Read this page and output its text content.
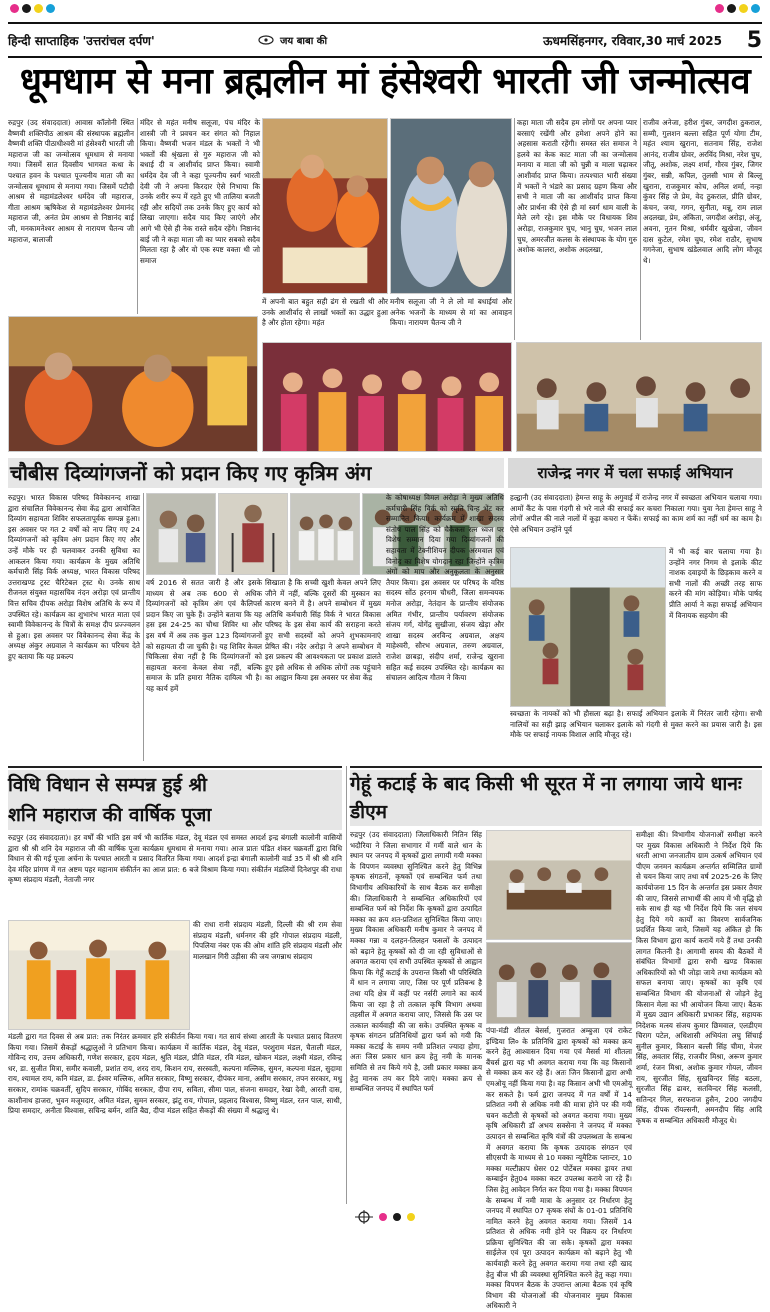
हिन्दी साप्ताहिक 'उत्तरांचल दर्पण'	जय बाबा की	ऊधमसिंहनगर, रविवार,30 मार्च 2025	5
धूमधाम से मना ब्रह्मलीन मां हंसेश्वरी भारती जी जन्मोत्सव
रुद्रपुर (उद संवाददाता) आवास कॉलोनी स्थित वैष्णवी शक्तिपीठ आश्रम की संस्थापक ब्रह्मलीन वैष्णवी शक्ति पीठाधीश्वरी मां हंसेश्वरी भारती जी महाराज जी का जन्मोत्सव धूमधाम से मनाया गया। जिसमें सात दिवसीय भागवत कथा के पश्चात हवन के पश्चात पूज्यनीय माता जी का जन्मोत्सव धूमधाम से मनाया गया। जिसमें पटौदी आश्रम से महामंडलेश्वर धर्मदेव जी महाराज, गीता आश्रम ऋषिकेश से महामंडलेश्वर प्रेमानंद महाराज जी, अनंत प्रेम आश्रम से निष्ठानंद बाई जी, मनकामनेश्वर आश्रम से नारायण चैतन्य जी महाराज, बालाजी
मंदिर से महंत मनीष सलूजा, पंच मंदिर के शास्त्री जी ने प्रवचन कर संगत को निहाल किया। वैष्णवी भजन मंडल के भक्तों ने भी भक्तों की श्रृंखला से गुरु महाराज जी को बधाई दी व आशीर्वाद प्राप्त किया। स्वामी धर्मदेव देव जी ने कहा पूज्यनीय स्वर्ग भारती देवी जी ने अपना किरदार ऐसे निभाया कि उनके शरीर रूप में रहते हुए भी तालिया बजती रही और सदियों तक उनके किए हुए कार्य को लिखा जाएगा। सदैव याद किए जाएंगे और आगे भी ऐसे ही नेक रास्ते सदैव रहेंगे। निष्ठानंद बाई जी ने कहा माता जी का प्यार सबको सदैव मिलता रहा है और वो एक स्पष्ट वक्ता थी जो समाज
में अपनी बात बहुत सही ढंग से रखती थी और उनके आशीर्वाद से लाखों भक्तों का उद्धार हुआ है और होता रहेगा। महंत
मनीष सलूजा जी ने ले लो मां बधाईयां और अनेक भजनों के माध्यम से मां का आवाहन किया। नारायण चैतन्य जी ने
कहा माता जी सदैव हम लोगों पर अपना प्यार बरसाएं रखेंगी और हमेशा अपने होने का अहसास कराती रहेंगी। समस्त संत समाज ने हलवे का केक काट माता जी का जन्मोत्सव मनाया व माता जी को चुन्नी व माला चढ़ाकर आशीर्वाद प्राप्त किया। तत्पश्चात भारी संख्या में भक्तों ने भंडारे का प्रसाद ग्रहण किया और सभी ने माता जी का आशीर्वाद प्राप्त किया और प्रार्थना की ऐसे ही मां स्वर्ग धाम वाली के मेले लगे रहे। इस मौके पर विधायक शिव अरोड़ा, राजकुमार चुघ, भानु चुघ, भजन लाल चुघ, अमरजीत कलस के संस्थापक के योग गुरु अशोक कालरा, अशोक अदलखा,
राजीव अनेजा, हरीश गुंबर, जगदीश ठुकराल, सम्मी, गुलशन बल्ला सहित पूर्ण योगा टीम, महंत श्याम खुराना, सतनाम सिंह, राजेश आनंद, राजीव ग्रोवर, अरविंद मिश्रा, नरेश चुघ, जीतू, अशोक, लक्ष्य शर्मा, गौरव गुंबर, जिगर गुंबर, सन्नी, कपिल, तुलसी भाम से बिल्लू खुराना, राजकुमार कोच, अनिल शर्मा, नन्हा कुंवर सिंह जे प्रेम, वेद ठुकराल, प्रीति ग्रोवर, कंचन, जया, गगन, सुनीता, मन्नू, राम लाल अदलखा, प्रेम, अंकिता, जगदीश अरोड़ा, अंजू, अवना, नूतन मिश्रा, धर्मवीर खुखेजा, जीवन दास कुटेल, रमेश चुघ, रमेश राठौर, सुभाष गगनेजा, सुभाष खंडेलवाल आदि लोग मौजूद थे।
चौबीस दिव्यांगजनों को प्रदान किए गए कृत्रिम अंग	राजेन्द्र नगर में चला सफाई अभियान
रुद्रपुर। भारत विकास परिषद विवेकानन्द शाखा द्वारा संचालित विवेकानन्द सेवा केंद्र द्वारा आयोजित दिव्यांग सहायता शिविर सफलतापूर्वक सम्पन्न हुआ। इस अवसर पर गत 2 वर्षों को नाप लिए गए 24 दिव्यांगजनों को कृत्रिम अंग प्रदान किए गए और उन्हें मौके पर ही चलवाकर उनकी सुविधा का आकलन किया गया। कार्यक्रम के मुख्य अतिथि कर्मचारी सिंह विर्क अध्यक्ष, भारत विकास परिषद उत्तराखण्ड ट्रस्ट चैरिटेबल ट्रस्ट थे। उनके साथ रीजनल संयुक्त महासचिव नंदन अरोड़ा एवं प्रान्तीय वित्त सचिव दीपक अरोड़ा विशेष अतिथि के रूप में उपस्थित रहे। कार्यक्रम का शुभारंभ भारत माता एवं स्वामी विवेकानन्द के चित्रों के समक्ष दीप प्रज्ज्वलन से हुआ। इस अवसर पर विवेकानन्द सेवा केंद्र के अध्यक्ष अंकुर अग्रवाल ने कार्यक्रम का परिचय देते हुए बताया कि यह प्रकल्प
वर्ष 2016 से सतत जारी है और इसके माध्यम से अब तक 600 से अधिक दिव्यांगजनों को कृत्रिम अंग एवं कैलिपर्स प्रदान किए जा चुके हैं। उन्होंने बताया कि यह हस इस 24-25 का चौथा शिविर था और इस वर्ष में अब तक कुल 123 दिव्यांगजनों को सहायता दी जा चुकी है। यह शिविर केवल चिकित्सा सेवा नहीं है कि दिव्यांगजनों को सहायता करना केवल सेवा नहीं, बल्कि समाज के प्रति हमारा नैतिक दायित्व भी है। यह कार्य हमें
सिखाता है कि सच्ची खुशी केवल अपने लिए जीने में नहीं, बल्कि दूसरों की मुस्कान का कारण बनने में है। अपने सम्बोधन में मुख्य अतिथि कर्मचारी सिंह विर्क ने भारत विकास परिषद के इस सेवा कार्य की सराहना करते हुए सभी सदस्यों को अपने शुभकामनाएं प्रेषित की। नंदेर अरोड़ा ने अपने सम्बोधन में इस प्रकल्प की आवश्यकता पर प्रकाश डालते हुए इसे अधिक से अधिक लोगों तक पहुंचाने का आह्वान किया इस अवसर पर सेवा केंद्र
के कोषाध्यक्ष विमल अरोड़ा ने मुख्य अतिथि कर्मचारी सिंह विर्क को स्मृति चिन्ह भेंट कर सम्मानित किया। कार्यक्रम में शाखा सदस्य संतोष पाल सिंह को चैकेकस रत्न ध्वज पर विशेष सम्मान दिया गया दिव्यांगजनों की सहायता में टेक्नीशियन दीपक अरमवाल एवं विनोद का विशेष योगदान रहा जिन्होंने कृत्रिम अंगों को माप और अनुकूलता के अनुसार तैयार किया। इस अवसर पर परिषद के वरिष्ठ सदस्य सोंठ हरनाम चौधरी, जिला समन्वयक मनोज अरोड़ा, नेतंदान के प्रान्तीय संयोजक अमित गंभीर, प्रान्तीय पर्यावरण संयोजक संजय गर्ग, योगेंद्र सुखीजा, संजय खेड़ा और शाखा सदस्य अरविन्द अग्रवाल, अक्षय माहेश्वरी, सौरभ अग्रवाल, तरुण अग्रवाल, राजेश छाबड़ा, संदीप शर्मा, राजेन्द्र खुराना सहित कई सदस्य उपस्थित रहे। कार्यक्रम का संचालन आदित्य गौतम ने किया
हल्द्वानी (उद संवाददाता) हेमन्त साहू के अगुवाई में राजेन्द्र नगर में स्वच्छता अभियान चलाया गया। आमों कैंट के पास गंदगी से भरे नाले की सफाई कर कचरा निकाला गया। युवा नेता हेमन्त साहू ने लोगों अपील की नाले नालों में कूड़ा कचरा न फेंकें। सफाई का काम शर्म का नहीं धर्म का काम है। ऐसे अभियान उन्होंने पूर्व
में भी कई बार चलाया गया है। उन्होंने नगर निगम से इलाके कीट नाशक दवाइयों के छिड़काव करने व सभी नालों की अच्छी तरह साफ करने की मांग कोड़िया। मौके पार्षद प्रीति आर्या ने कहा सफाई अभियान में विनायक सहयोग की
स्वच्छता के नायकों को भी हौसला बढ़ा है। सफाई अभियान इलाके में निरंतर जारी रहेगा। सभी नालियों का सही झाड़ अभियान चलाकर इलाके को गंदगी से मुक्त करने का प्रयास जारी है। इस मौके पर सफाई नायक विशाल आदि मौजूद रहे।
विधि विधान से सम्पन्न हुई श्री
शनि महाराज की वार्षिक पूजा
रुद्रपुर (उद संवाददाता)। हर वर्षों की भांति इस वर्ष भी कार्तिक मंडल, देवू मंडल एवं समस्त आदर्श इन्द्र बंगाली कालोनी वासियों द्वारा श्री श्री शनि देव महाराज जी की वार्षिक पूजा कार्यक्रम धूमधाम से मनाया गया। आज प्रातः पंडित शंकर चक्रवर्ती द्वारा विधि विधान से की गई पूजा अर्चना के पश्चात आरती व प्रसाद वितरित किया गया। आदर्श इन्द्रा बंगाली कालोनी वार्ड 35 में श्री श्री शनि देव मंदिर प्रांगण में गत अष्टम पहर महानाम संकीर्तन का आज प्रात: 6 बजे विश्राम किया गया। संकीर्तन मंडलियों दिनेशपुर की राधा कृष्ण संप्रदाय मंडली, नेताजी नगर
की राधा रानी संप्रदाय मंडली, दिल्ली की श्री राम सेवा संप्रदाय मंडली, धर्मनगर की हरि गोपाल संप्रदाय मंडली, पिपलिया नंबर एक की ओम शांति हरि संप्रदाय मंडली और मालखान गिरी उड़ीसा की जय जगन्नाथ संप्रदाय
मंडली द्वारा गत दिवस से अब प्रात: तक निरंतर क्रमवार हरि संकीर्तन किया गया। गत सायं संध्या आरती के पश्चात प्रसाद वितरण किया गया। जिसमें सैकड़ों श्रद्धालुओं ने प्रतिभाग किया। कार्यक्रम में कार्तिक मंडल, देबू मंडल, परशुराम मंडल, चैताली मंडल, गोविन्द राय, उत्तम अधिकारी, गणेश सरकार, हृदय मंडल, श्रुति मंडल, प्रीति मंडल, रवि मंडल, खोकन मंडल, लक्ष्मी मंडल, रविन्द्र धर, डा. सुजीत मित्रा, समीर कवाली, प्रशांत राय, शरद राय, किशन राय, सरस्वती, कल्पना मल्लिक, सुमन, कल्पना मंडल, सुदामा राय, श्यामल राय, कनि मंडल, डा. ईश्वर मल्लिक, अमित सरकार, विष्णु सरकार, दीपंकर माना, असीम सरकार, तपन सरकार, मधु सरकार, रामांक चक्रवर्ती, सुदिप सरकार, गोबिंद सरकार, दीपा राय, सविता, सीमा पाल, संजना समदार, रेखा देवी, आरती दास, काशीनाथ हाजरा, भुवन मजूमदार, अमित मंडल, सुमन सरकार, झंटू राय, गोपाल, प्रहलाद विश्वास, विष्णु मंडल, रतन पाल, साथी, प्रिया समदार, अनीता विश्वास, सचिन्द्र बर्मन, शांति बैद्य, दीपा मंडल सहित सैकड़ों की संख्या में श्रद्धालु थे।
गेहूं कटाई के बाद किसी भी सूरत में ना लगाया जाये धानः डीएम
रुद्रपुर (उद संवाददाता) जिलाधिकारी नितिन सिंह भदौरिया ने जिला सभागार में गर्मी वाले धान के स्थान पर जनपद में कृषकों द्वारा लगायी गयी मक्का के विपणन व्यवस्था सुनिश्चित करने हेतु विभिन्न कृषक संगठनों, कृषकों एवं सम्बन्धित फर्म तथा विभागीय अधिकारियों के साथ बैठक कर समीक्षा की। जिलाधिकारी ने सम्बन्धित अधिकारियों एवं सम्बन्धित फर्म को निर्देश कि कृषकों द्वारा उत्पादित मक्का का क्रय शत-प्रतिशत सुनिश्चित किया जाए। मुख्य विकास अधिकारी मनीष कुमार ने जनपद में मक्का गन्ना व दलहन-तिलहन फसलों के उत्पादन को बढ़ाने हेतु कृषकों को दी जा रही सुविधाओं से अवगत कराया एवं सभी उपस्थित कृषकों से आह्वान किया कि गेहूँ कटाई के उपरान्त किसी भी परिस्थिति में धान न लगाया जाए, जिस पर पूर्ण प्रतिबन्ध है तथा यदि क्षेत्र में कहीं पर नर्सरी लगाने का कार्य किया जा रहा है तो तत्काल कृषि विभाग अथवा तहसील में अवगत कराया जाए, जिससे कि उस पर तत्काल कार्यवाही की जा सके। उपस्थित कृषक व कृषक संगठन प्रतिनिधियों द्वारा फर्म को गयी कि मक्का कटाई के समय नमी प्रतिशत ज्यादा होगा, अतः जिस प्रकार धान क्रय हेतु नमी के मानक समिति से तय किये गये है, उसी प्रकार मक्का क्रय हेतु मानक तय कर दिये जाएं। मक्का क्रय से सम्बन्धित जनपद में स्थापित फर्म
पंपा-मंडी शीतल बेसर्स, गुजरात अम्बुजा एवं राकेट इण्डिया लि० के प्रतिनिधि द्वारा कृषकों को मक्का क्रय करने हेतु आश्वासन दिया गया एवं मैसर्स मां शीतला बैंचर्स द्वारा यह भी अवगत कराया गया कि वह किसानों से मक्का क्रय कर रहे हैं। अतः जिन किसानों द्वारा अभी एमओयू नहीं किया गया है। वह किसान अभी भी एमओयू कर सकते है। फर्म द्वारा जनपद में गत वर्षों में 14 प्रतिशत नमी से अधिक नमी की मात्रा होने पर की गयी चवन कटौती से कृषकों को अवगत कराया गया। मुख्य कृषि अधिकारी डॉ अभय सक्सेना ने जनपद में मक्का उत्पादन से सम्बन्धित कृषि यंत्रों की उपलब्धता के सम्बन्ध में अवगत कराया कि कृषक उत्पादक संगठन एवं सीएसपी के माध्यम से 10 मक्का न्यूमैटिक प्लान्टर, 10 मक्का मल्टीक्राप थ्रेसर 02 पोर्टेबल मक्का ड्रायर तथा कम्बाईन हेतु04 मक्का कटर उपलब्ध कराये जा रहे हैं। जिस हेतु आवेदन निर्गत कर दिया गया है। मक्का विपणन के सम्बन्ध में नमी मात्रा के अनुसार दर निर्धारण हेतु जनपद में स्थापित 07 कृषक संघों के 01-01 प्रतिनिधि नामित करने हेतु अवगत कराया गया। जिसमें 14 प्रतिशत से अधिक नमी होने पर विक्रय दर निर्धारण प्रक्रिया सुनिश्चित की जा सके। कृषकों द्वारा मक्का साईलेज एवं पूरा उत्पादन कार्यक्रम को बढ़ाने हेतु भी कार्यवाही करने हेतु अवगत कराया गया तथा रही खाद हेतु बीज भी क्री व्यवस्था सुनिश्चित करने हेतु कहा गया। मक्का विपणन बैठक के उपरान्त आत्मा बैठक एवं कृषि विभाग की योजनाओं की योजनावार मुख्य विकास अधिकारी ने
समीक्षा की। विभागीय योजनाओं समीक्षा करने पर मुख्य विकास अधिकारी ने निर्देश दिये कि धरती आभा जनजातीय ग्राम उत्कर्ष अभियान एवं पीएम जनमन कार्यक्रम अन्तर्गत सम्मिलित ग्रामों से चयन किया जाए तथा वर्ष 2025-26 के लिए कार्ययोजना 15 दिन के अन्तर्गत इस प्रकार तैयार की जाए, जिससे लाभार्थी की आय में भी वृद्धि हो सके साथ ही यह भी निर्देश दिये कि जल संचय हेतु दिये गये कार्यों का विवरण सार्वजनिक प्रदर्शित किया जाये, जिसमें यह अंकित हो कि किस विभाग द्वारा कार्य करायें गये हैं तथा उनकी लागत कितनी है। आगामी समय की बैठकों में संबंधित विभागों द्वारा सभी खण्ड विकास अधिकारियों को भी जोड़ा जाये तथा कार्यक्रम को सफल बनाया जाए। कृषकों का कृषि एवं सम्बन्धित विभाग की योजनाओं से जोड़ने हेतु किसान मेला का भी आयोजन किया जाए। बैठक में मुख्य उद्यान अधिकारी प्रभाकर सिंह, सहायक निदेशक मत्स्य संजय कुमार छिमवाल, एलडीएम चिराग पटेल, अधिशासी अभियंता लघु सिंचाई सुनील कुमार, किसान बल्ली सिंह चीमा, मेजर सिंह, अवतार सिंह, राजवीर मिश्रा, अरूण कुमार शर्मा, रंजन मिश्रा, अशोक कुमार गोयल, जीवन राय, सुरजीत सिंह, सुखविन्दर सिंह बठला, सुरजीत सिंह ढावर, सतविन्दर सिंह कलसी, सतिन्दर गिल, सरफराज हुसैन, 200 जगदीप सिंह, दीपक रॉयल्सनी, अमनदीप सिंह आदि कृषक व सम्बन्धित अधिकारी मौजूद थे।
